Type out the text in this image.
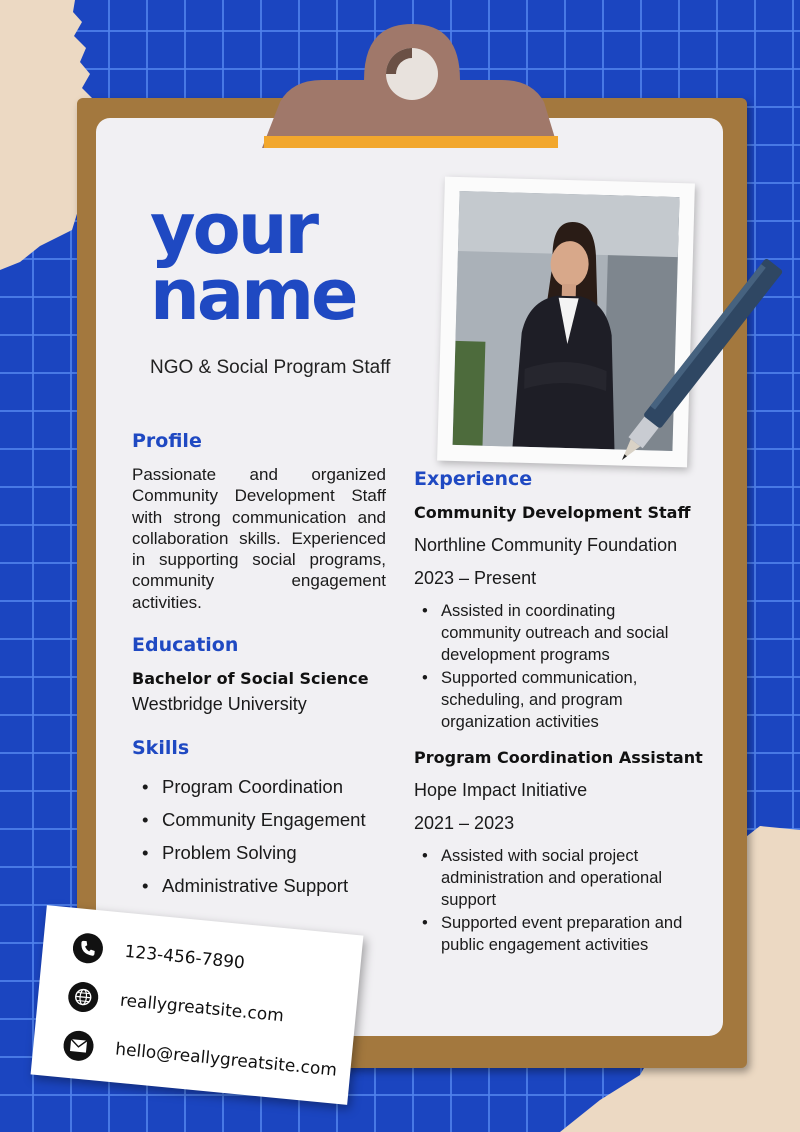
your
name
NGO & Social Program Staff
Profile
Passionate and organized Community Development Staff with strong communication and collaboration skills. Experienced in supporting social programs, community engagement activities.
Education
Bachelor of Social Science
Westbridge University
Skills
• Program Coordination
• Community Engagement
• Problem Solving
• Administrative Support
Experience
Community Development Staff
Northline Community Foundation
2023 – Present
• Assisted in coordinating community outreach and social development programs
• Supported communication, scheduling, and program organization activities
Program Coordination Assistant
Hope Impact Initiative
2021 – 2023
• Assisted with social project administration and operational support
• Supported event preparation and public engagement activities
123-456-7890
reallygreatsite.com
hello@reallygreatsite.com
